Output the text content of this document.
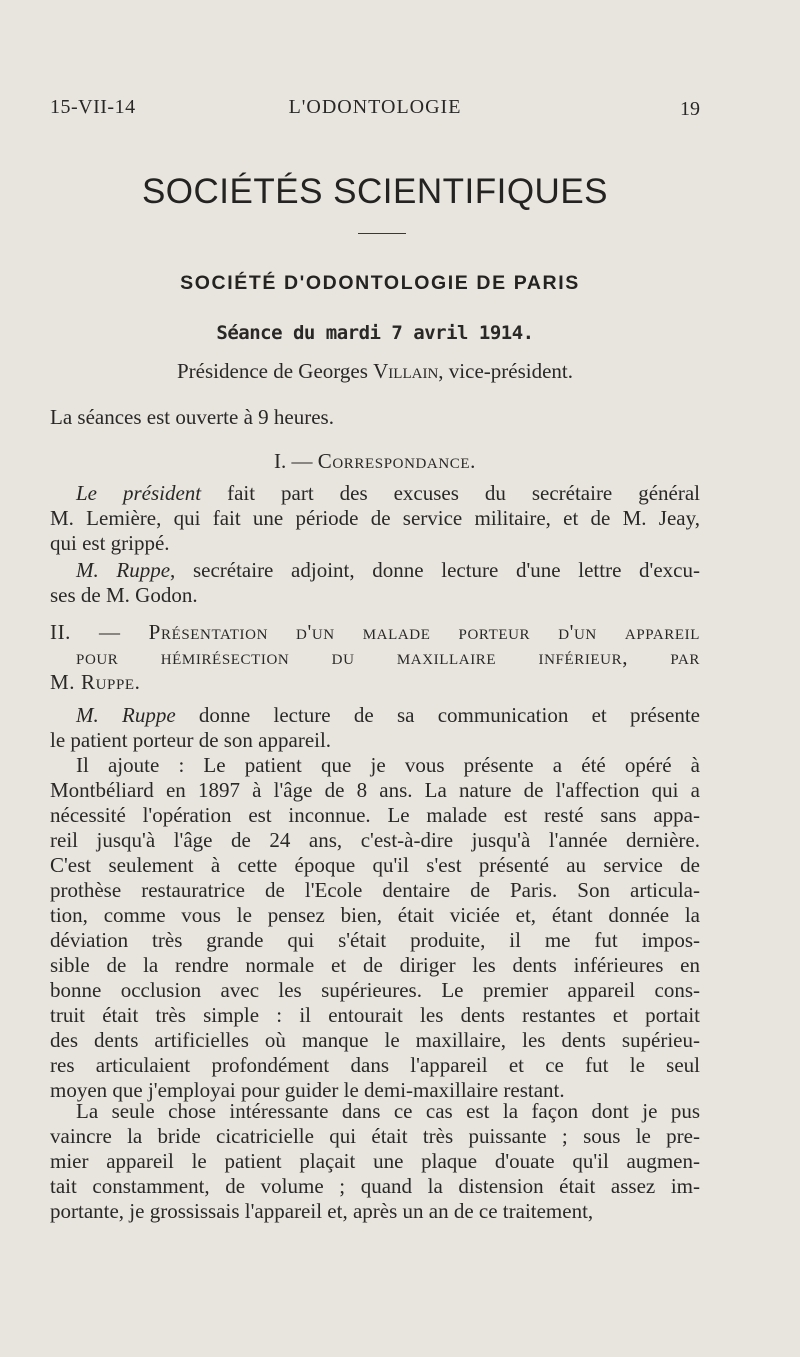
15-VII-14	L'ODONTOLOGIE	19
SOCIÉTÉS SCIENTIFIQUES
SOCIÉTÉ D'ODONTOLOGIE DE PARIS
Séance du mardi 7 avril 1914.
Présidence de Georges Villain, vice-président.

La séances est ouverte à 9 heures.

I. — Correspondance.

Le président fait part des excuses du secrétaire général

M. Lemière, qui fait une période de service militaire, et de M. Jeay,

qui est grippé.

M. Ruppe, secrétaire adjoint, donne lecture d'une lettre d'excu-

ses de M. Godon.

II. — Présentation d'un malade porteur d'un appareil

pour hémirésection du maxillaire inférieur, par

M. Ruppe.

M. Ruppe donne lecture de sa communication et présente

le patient porteur de son appareil.

Il ajoute : Le patient que je vous présente a été opéré à

Montbéliard en 1897 à l'âge de 8 ans. La nature de l'affection qui a

nécessité l'opération est inconnue. Le malade est resté sans appa-

reil jusqu'à l'âge de 24 ans, c'est-à-dire jusqu'à l'année dernière.

C'est seulement à cette époque qu'il s'est présenté au service de

prothèse restauratrice de l'Ecole dentaire de Paris. Son articula-

tion, comme vous le pensez bien, était viciée et, étant donnée la

déviation très grande qui s'était produite, il me fut impos-

sible de la rendre normale et de diriger les dents inférieures en

bonne occlusion avec les supérieures. Le premier appareil cons-

truit était très simple : il entourait les dents restantes et portait

des dents artificielles où manque le maxillaire, les dents supérieu-

res articulaient profondément dans l'appareil et ce fut le seul

moyen que j'employai pour guider le demi-maxillaire restant.

La seule chose intéressante dans ce cas est la façon dont je pus

vaincre la bride cicatricielle qui était très puissante ; sous le pre-

mier appareil le patient plaçait une plaque d'ouate qu'il augmen-

tait constamment, de volume ; quand la distension était assez im-

portante, je grossissais l'appareil et, après un an de ce traitement,
